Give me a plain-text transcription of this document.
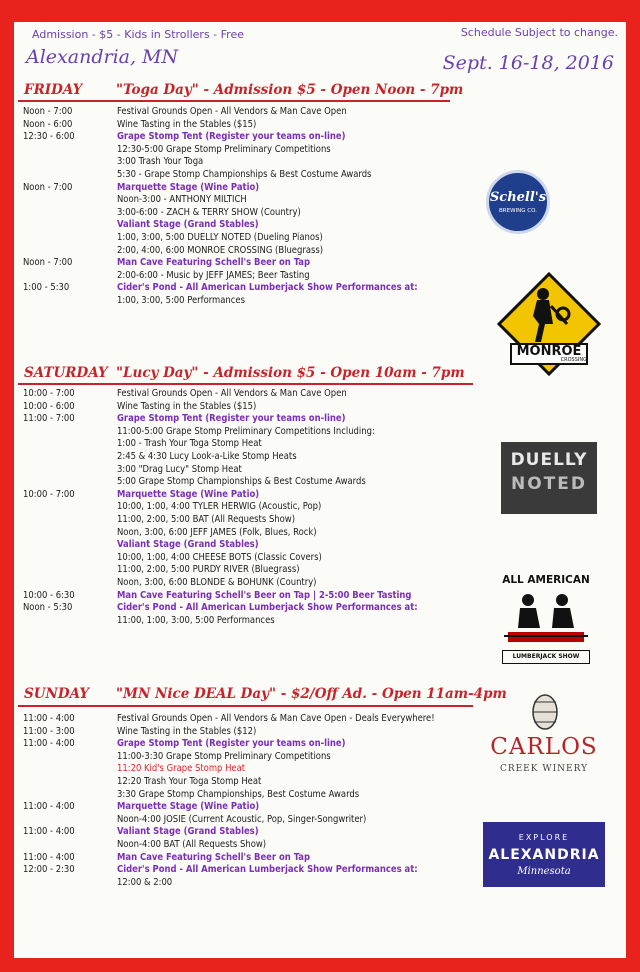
Admission - $5 - Kids in Strollers - Free	Schedule Subject to change.
Alexandria, MN	Sept. 16-18, 2016
FRIDAY "Toga Day" - Admission $5 - Open Noon - 7pm
Noon - 7:00	Festival Grounds Open - All Vendors & Man Cave Open
Noon - 6:00	Wine Tasting in the Stables ($15)
12:30 - 6:00	Grape Stomp Tent (Register your teams on-line)
12:30-5:00 Grape Stomp Preliminary Competitions
3:00 Trash Your Toga
5:30 - Grape Stomp Championships & Best Costume Awards
Noon - 7:00	Marquette Stage (Wine Patio)
Noon-3:00 - ANTHONY MILTICH
3:00-6:00 - ZACH & TERRY SHOW (Country)
Valiant Stage (Grand Stables)
1:00, 3:00, 5:00 DUELLY NOTED (Dueling Pianos)
2:00, 4:00, 6:00 MONROE CROSSING (Bluegrass)
Noon - 7:00	Man Cave Featuring Schell's Beer on Tap
2:00-6:00 - Music by JEFF JAMES; Beer Tasting
1:00 - 5:30	Cider's Pond - All American Lumberjack Show Performances at:
1:00, 3:00, 5:00 Performances
SATURDAY "Lucy Day" - Admission $5 - Open 10am - 7pm
10:00 - 7:00	Festival Grounds Open - All Vendors & Man Cave Open
10:00 - 6:00	Wine Tasting in the Stables ($15)
11:00 - 7:00	Grape Stomp Tent (Register your teams on-line)
11:00-5:00 Grape Stomp Preliminary Competitions Including:
1:00 - Trash Your Toga Stomp Heat
2:45 & 4:30 Lucy Look-a-Like Stomp Heats
3:00 "Drag Lucy" Stomp Heat
5:00 Grape Stomp Championships & Best Costume Awards
10:00 - 7:00	Marquette Stage (Wine Patio)
10:00, 1:00, 4:00 TYLER HERWIG (Acoustic, Pop)
11:00, 2:00, 5:00 BAT (All Requests Show)
Noon, 3:00, 6:00 JEFF JAMES (Folk, Blues, Rock)
Valiant Stage (Grand Stables)
10:00, 1:00, 4:00 CHEESE BOTS (Classic Covers)
11:00, 2:00, 5:00 PURDY RIVER (Bluegrass)
Noon, 3:00, 6:00 BLONDE & BOHUNK (Country)
10:00 - 6:30	Man Cave Featuring Schell's Beer on Tap | 2-5:00 Beer Tasting
Noon - 5:30	Cider's Pond - All American Lumberjack Show Performances at:
11:00, 1:00, 3:00, 5:00 Performances
SUNDAY "MN Nice DEAL Day" - $2/Off Ad. - Open 11am-4pm
11:00 - 4:00	Festival Grounds Open - All Vendors & Man Cave Open - Deals Everywhere!
11:00 - 3:00	Wine Tasting in the Stables ($12)
11:00 - 4:00	Grape Stomp Tent (Register your teams on-line)
11:00-3:30 Grape Stomp Preliminary Competitions
11:20 Kid's Grape Stomp Heat
12:20 Trash Your Toga Stomp Heat
3:30 Grape Stomp Championships, Best Costume Awards
11:00 - 4:00	Marquette Stage (Wine Patio)
Noon-4:00 JOSIE (Current Acoustic, Pop, Singer-Songwriter)
11:00 - 4:00	Valiant Stage (Grand Stables)
Noon-4:00 BAT (All Requests Show)
11:00 - 4:00	Man Cave Featuring Schell's Beer on Tap
12:00 - 2:30	Cider's Pond - All American Lumberjack Show Performances at:
12:00 & 2:00
Schell's
BREWING CO.
MONROE
CROSSING
DUELLY
NOTED
ALL AMERICAN
LUMBERJACK SHOW
CARLOS
CREEK WINERY
EXPLORE
ALEXANDRIA
Minnesota
